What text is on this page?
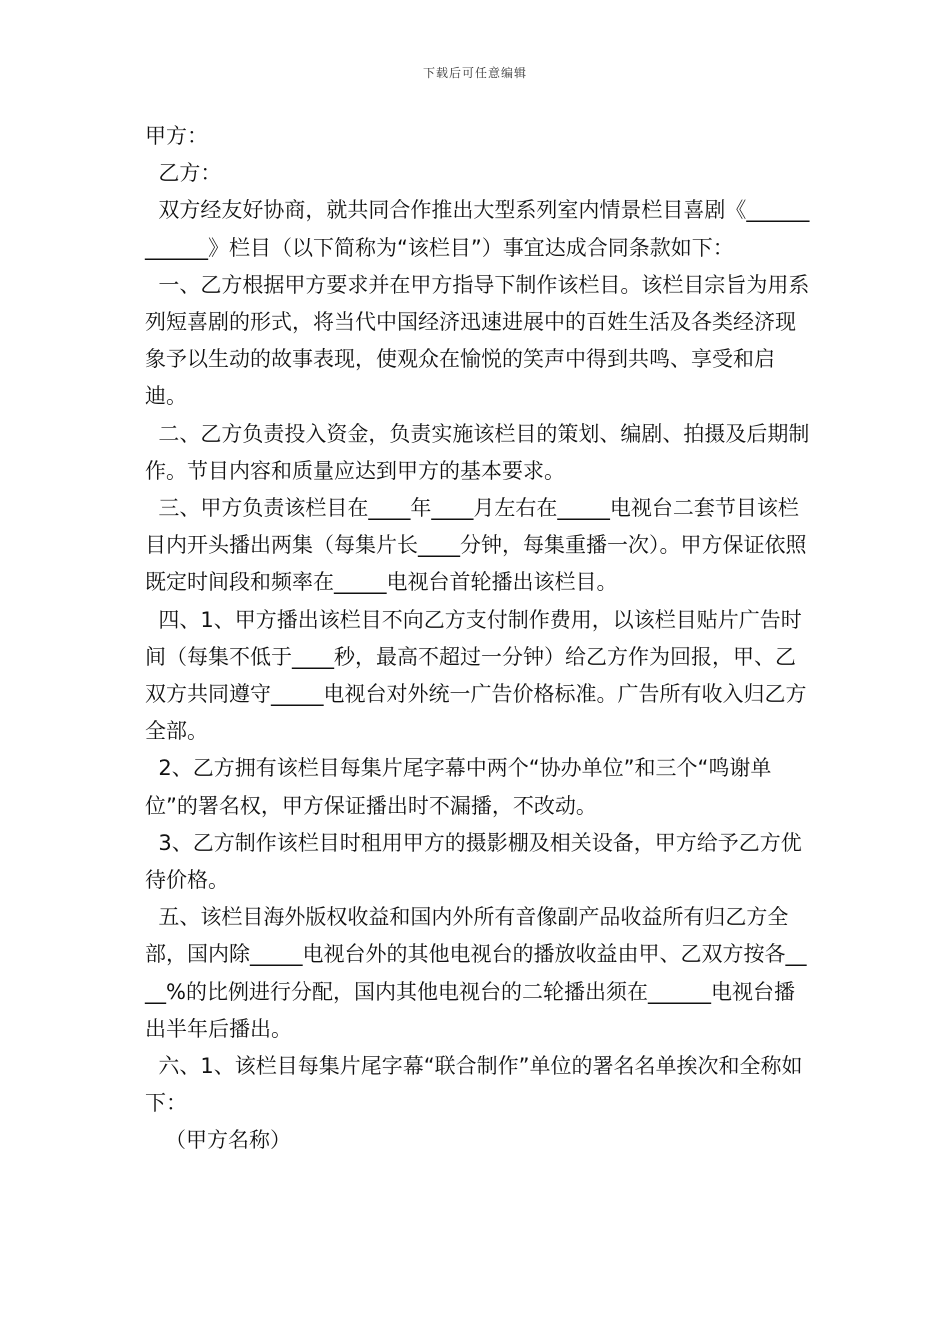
下载后可任意编辑

甲方：

乙方：

双方经友好协商，就共同合作推出大型系列室内情景栏目喜剧《____________》栏目（以下简称为“该栏目”）事宜达成合同条款如下：

一、乙方根据甲方要求并在甲方指导下制作该栏目。该栏目宗旨为用系列短喜剧的形式，将当代中国经济迅速进展中的百姓生活及各类经济现象予以生动的故事表现，使观众在愉悦的笑声中得到共鸣、享受和启迪。

二、乙方负责投入资金，负责实施该栏目的策划、编剧、拍摄及后期制作。节目内容和质量应达到甲方的基本要求。

三、甲方负责该栏目在____年____月左右在_____电视台二套节目该栏目内开头播出两集（每集片长____分钟，每集重播一次）。甲方保证依照既定时间段和频率在_____电视台首轮播出该栏目。

四、1、甲方播出该栏目不向乙方支付制作费用，以该栏目贴片广告时间（每集不低于____秒，最高不超过一分钟）给乙方作为回报，甲、乙双方共同遵守_____电视台对外统一广告价格标准。广告所有收入归乙方全部。

2、乙方拥有该栏目每集片尾字幕中两个“协办单位”和三个“鸣谢单位”的署名权，甲方保证播出时不漏播，不改动。

3、乙方制作该栏目时租用甲方的摄影棚及相关设备，甲方给予乙方优待价格。

五、该栏目海外版权收益和国内外所有音像副产品收益所有归乙方全部，国内除_____电视台外的其他电视台的播放收益由甲、乙双方按各____%的比例进行分配，国内其他电视台的二轮播出须在______电视台播出半年后播出。

六、1、该栏目每集片尾字幕“联合制作”单位的署名名单挨次和全称如下：

（甲方名称）
